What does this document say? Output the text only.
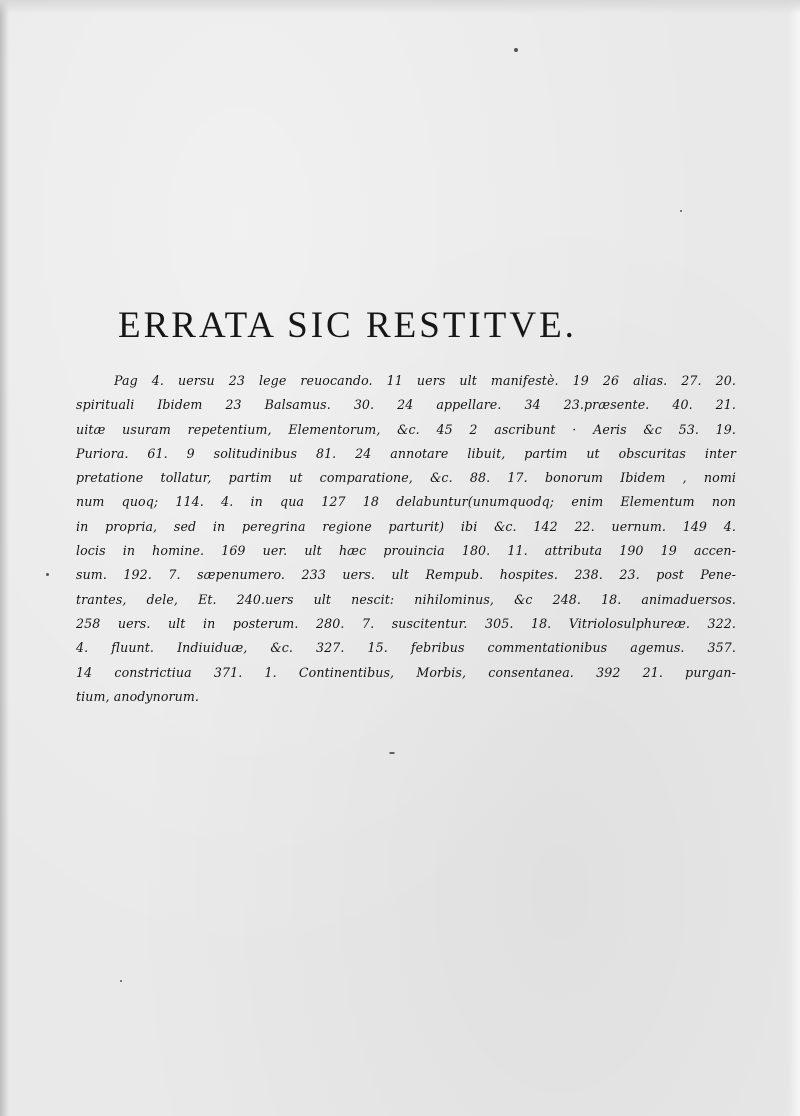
ERRATA SIC RESTITVE.
Pag 4. uersu 23 lege reuocando. 11 uers ult manifestè. 19 26 alias. 27. 20.
spirituali Ibidem 23 Balsamus. 30. 24 appellare. 34 23.præsente. 40. 21.
uitæ usuram repetentium, Elementorum, &c. 45 2 ascribunt · Aeris &c 53. 19.
Puriora. 61. 9 solitudinibus 81. 24 annotare libuit, partim ut obscuritas inter
pretatione tollatur, partim ut comparatione, &c. 88. 17. bonorum Ibidem , nomi
num quoq; 114. 4. in qua 127 18 delabuntur(unumquodq; enim Elementum non
in propria, sed in peregrina regione parturit) ibi &c. 142 22. uernum. 149 4.
locis in homine. 169 uer. ult hæc prouincia 180. 11. attributa 190 19 accen-
sum. 192. 7. sæpenumero. 233 uers. ult Rempub. hospites. 238. 23. post Pene-
trantes, dele, Et. 240.uers ult nescit: nihilominus, &c 248. 18. animaduersos.
258 uers. ult in posterum. 280. 7. suscitentur. 305. 18. Vitriolosulphureæ. 322.
4. fluunt. Indiuiduæ, &c. 327. 15. febribus commentationibus agemus. 357.
14 constrictiua 371. 1. Continentibus, Morbis, consentanea. 392 21. purgan-
tium, anodynorum.
